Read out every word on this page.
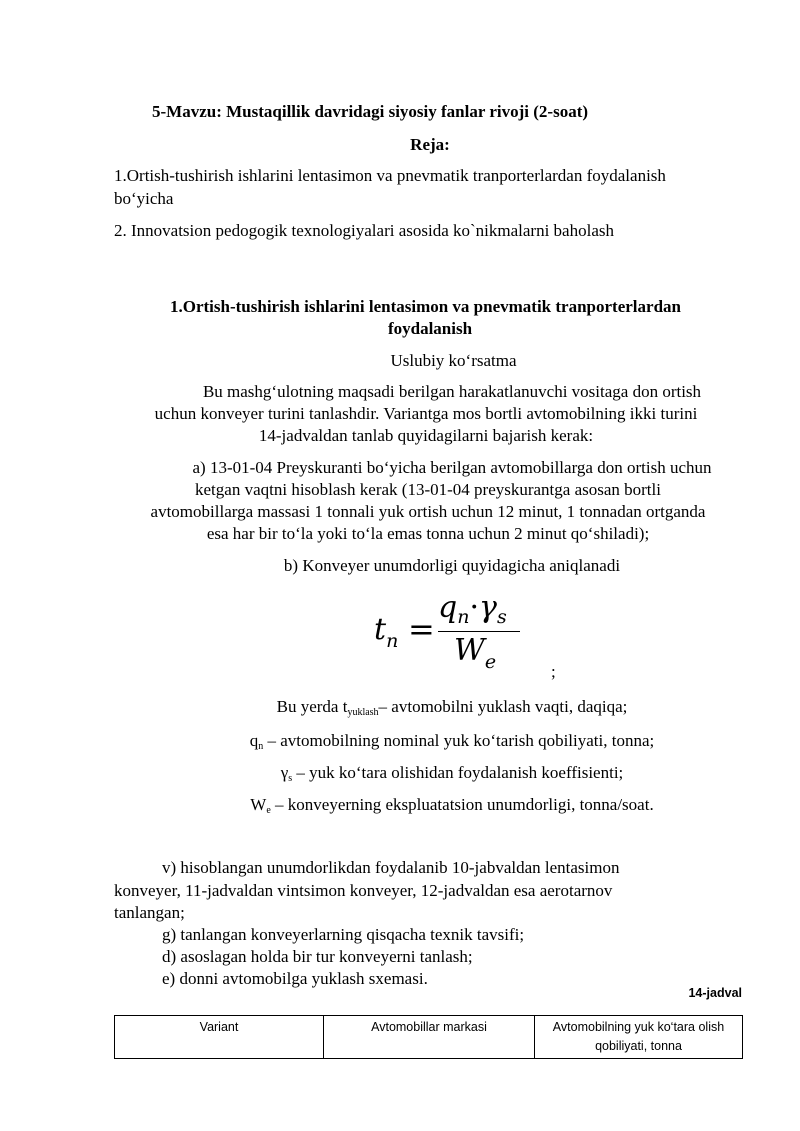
5-Mavzu: Mustaqillik davridagi siyosiy fanlar rivoji (2-soat)
Reja:
1.Ortish-tushirish ishlarini lentasimon va pnevmatik tranporterlardan foydalanish
bo‘yicha
2. Innovatsion pedogogik texnologiyalari asosida ko`nikmalarni baholash
1.Ortish-tushirish ishlarini lentasimon va pnevmatik tranporterlardan
foydalanish
Uslubiy ko‘rsatma
Bu mashg‘ulotning maqsadi berilgan harakatlanuvchi vositaga don ortish
uchun konveyer turini tanlashdir. Variantga mos bortli avtomobilning ikki turini
14-jadvaldan tanlab quyidagilarni bajarish kerak:
a) 13-01-04 Preyskuranti bo‘yicha berilgan avtomobillarga don ortish uchun
ketgan vaqtni hisoblash kerak (13-01-04 preyskurantga asosan bortli
avtomobillarga massasi 1 tonnali yuk ortish uchun 12 minut, 1 tonnadan ortganda
esa har bir to‘la yoki to‘la emas tonna uchun 2 minut qo‘shiladi);
b) Konveyer unumdorligi quyidagicha aniqlanadi
$t_n$ =
$q_n\cdot\gamma_s$
$W_e$	;
Bu yerda tyuklash– avtomobilni yuklash vaqti, daqiqa;
qn – avtomobilning nominal yuk ko‘tarish qobiliyati, tonna;
γs – yuk ko‘tara olishidan foydalanish koeffisienti;
We – konveyerning ekspluatatsion unumdorligi, tonna/soat.
v) hisoblangan unumdorlikdan foydalanib 10-jabvaldan lentasimon
konveyer, 11-jadvaldan vintsimon konveyer, 12-jadvaldan esa aerotarnov
tanlangan;
g) tanlangan konveyerlarning qisqacha texnik tavsifi;
d) asoslagan holda bir tur konveyerni tanlash;
e) donni avtomobilga yuklash sxemasi.
14-jadval
Variant	Avtomobillar markasi	Avtomobilning yuk ko‘tara olish qobiliyati, tonna
